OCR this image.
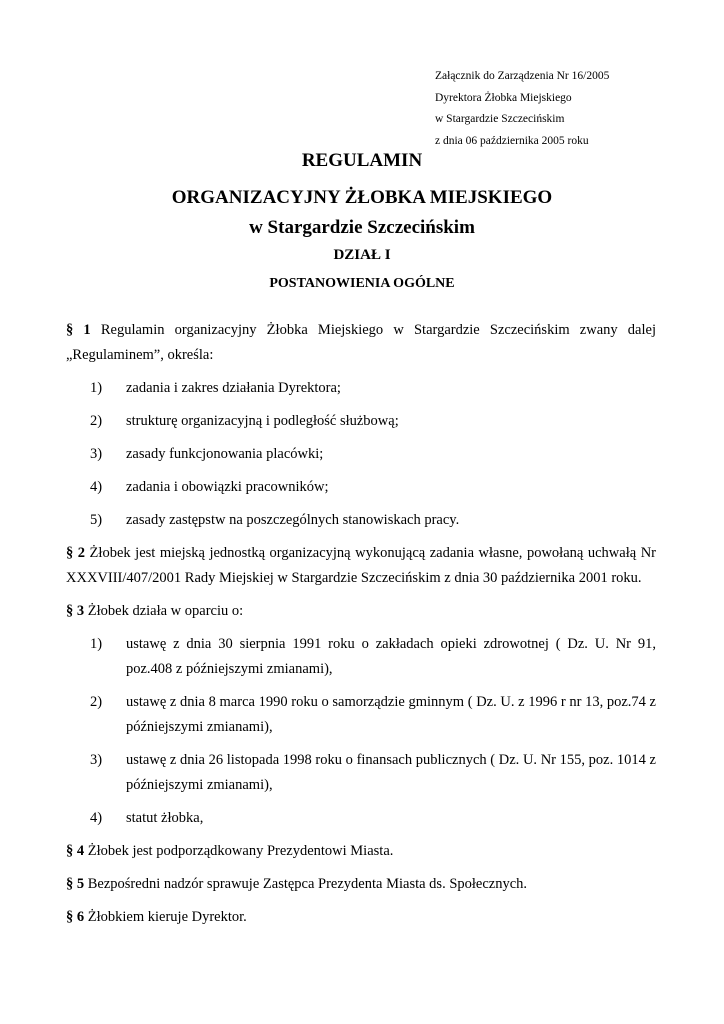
Załącznik do Zarządzenia Nr 16/2005
Dyrektora Żłobka Miejskiego
w Stargardzie Szczecińskim
z dnia 06 października 2005 roku
REGULAMIN
ORGANIZACYJNY ŻŁOBKA MIEJSKIEGO
w Stargardzie Szczecińskim
DZIAŁ I
POSTANOWIENIA OGÓLNE

§ 1 Regulamin organizacyjny Żłobka Miejskiego w Stargardzie Szczecińskim zwany dalej „Regulaminem”, określa:

1) zadania i zakres działania Dyrektora;
2) strukturę organizacyjną i podległość służbową;
3) zasady funkcjonowania placówki;
4) zadania i obowiązki pracowników;
5) zasady zastępstw na poszczególnych stanowiskach pracy.

§ 2 Żłobek jest miejską jednostką organizacyjną wykonującą zadania własne, powołaną uchwałą Nr XXXVIII/407/2001 Rady Miejskiej w Stargardzie Szczecińskim z dnia 30 października 2001 roku.

§ 3 Żłobek działa w oparciu o:

1) ustawę z dnia 30 sierpnia 1991 roku o zakładach opieki zdrowotnej ( Dz. U. Nr 91, poz.408 z późniejszymi zmianami),
2) ustawę z dnia 8 marca 1990 roku o samorządzie gminnym ( Dz. U. z 1996 r nr 13, poz.74 z późniejszymi zmianami),
3) ustawę z dnia 26 listopada 1998 roku o finansach publicznych ( Dz. U. Nr 155, poz. 1014 z późniejszymi zmianami),
4) statut żłobka,

§ 4 Żłobek jest podporządkowany Prezydentowi Miasta.

§ 5 Bezpośredni nadzór sprawuje Zastępca Prezydenta Miasta ds. Społecznych.

§ 6 Żłobkiem kieruje Dyrektor.
